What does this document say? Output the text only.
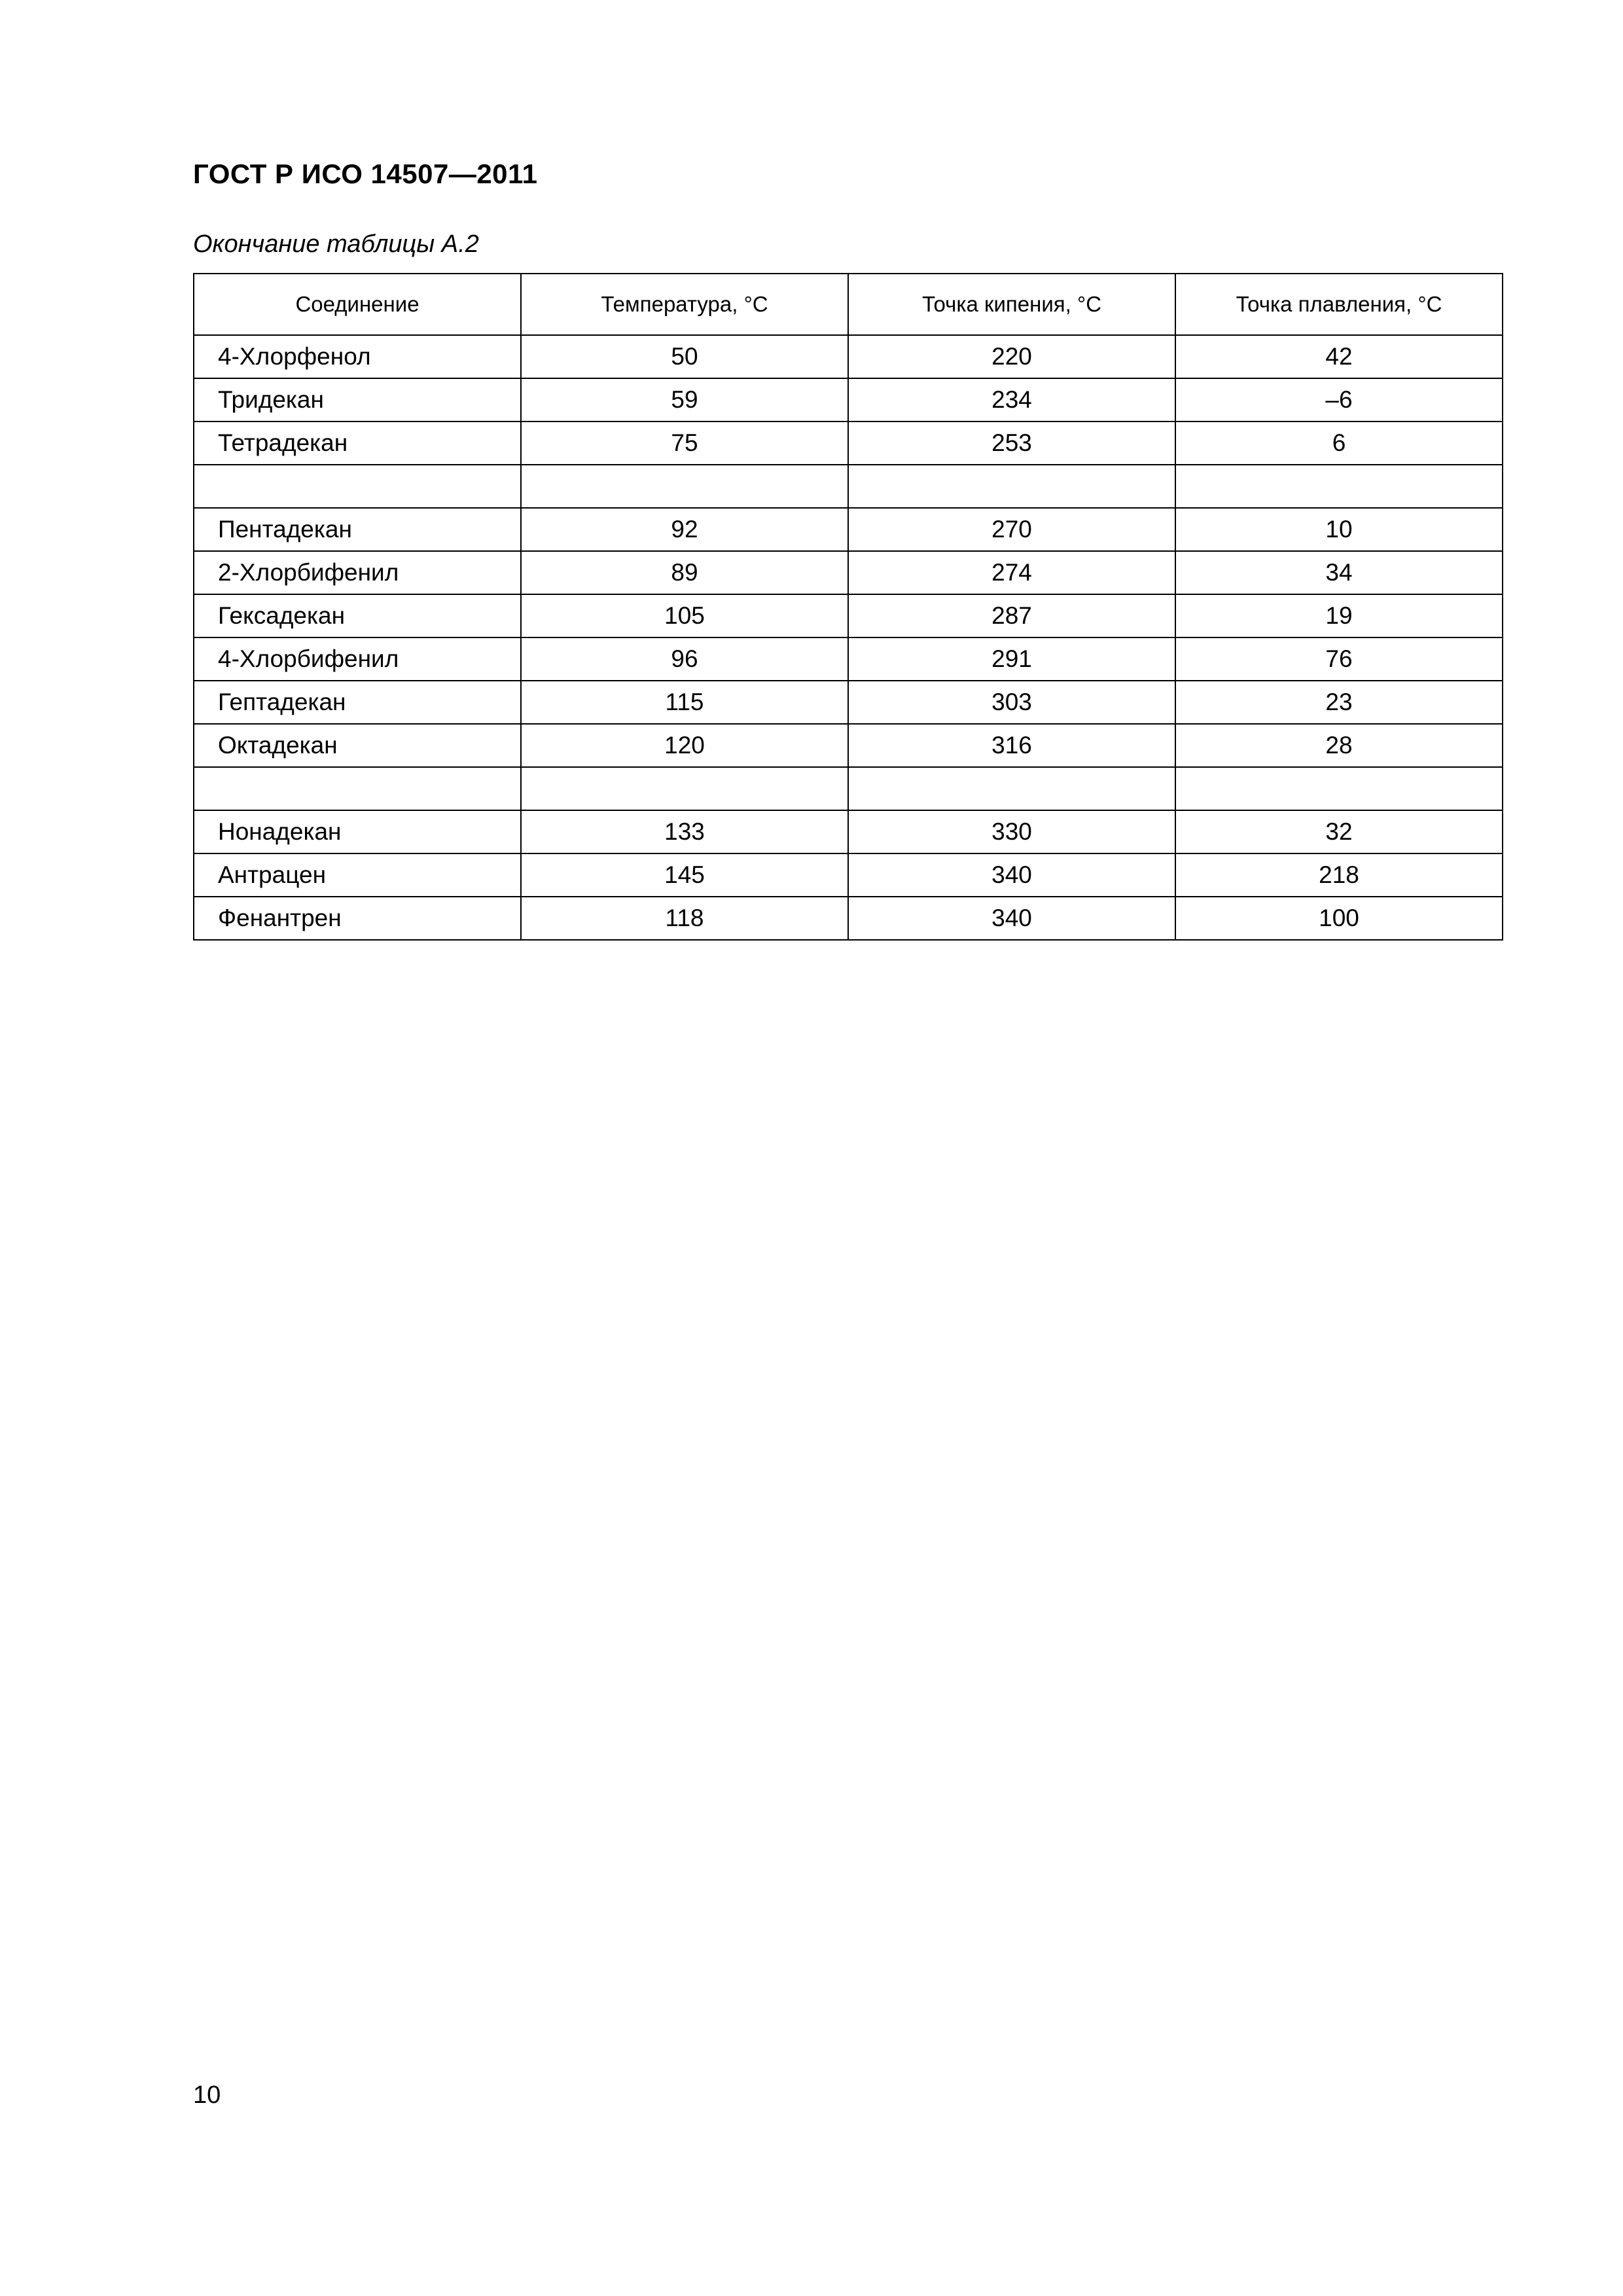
ГОСТ Р ИСО 14507—2011
Окончание таблицы А.2
Соединение	Температура, °C	Точка кипения, °C	Точка плавления, °C
4-Хлорфенол	50	220	42
Тридекан	59	234	–6
Тетрадекан	75	253	6

Пентадекан	92	270	10
2-Хлорбифенил	89	274	34
Гексадекан	105	287	19
4-Хлорбифенил	96	291	76
Гептадекан	115	303	23
Октадекан	120	316	28

Нонадекан	133	330	32
Антрацен	145	340	218
Фенантрен	118	340	100
10
